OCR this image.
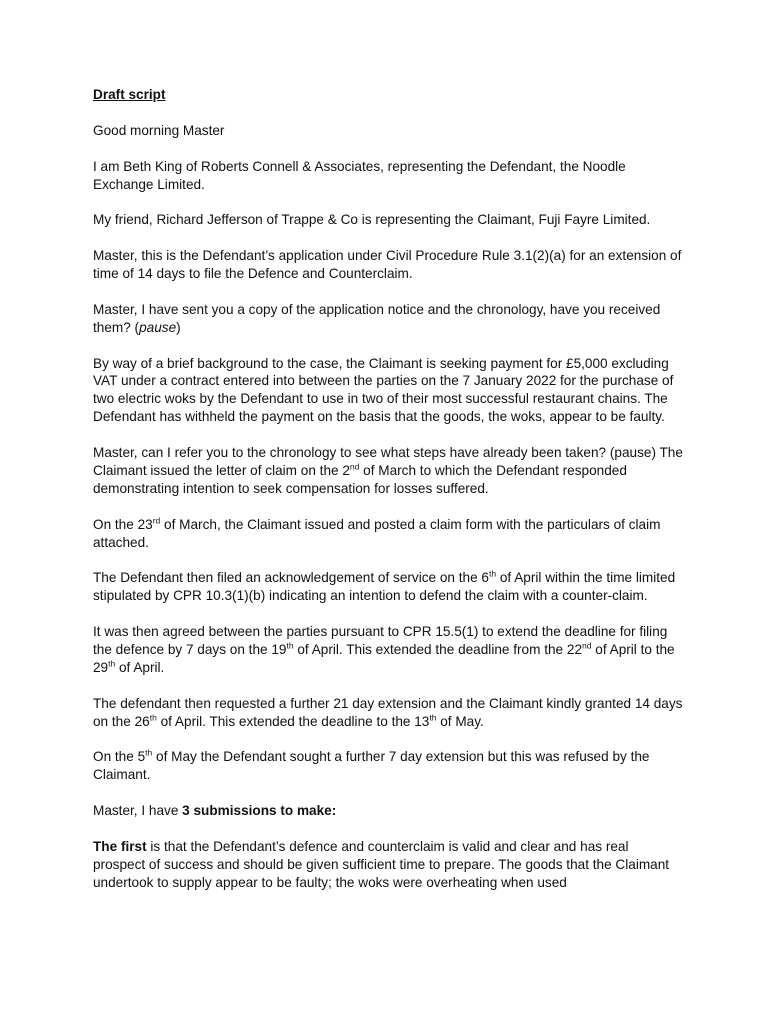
Draft script

Good morning Master

I am Beth King of Roberts Connell & Associates, representing the Defendant, the Noodle Exchange Limited.

My friend, Richard Jefferson of Trappe & Co is representing the Claimant, Fuji Fayre Limited.

Master, this is the Defendant’s application under Civil Procedure Rule 3.1(2)(a) for an extension of time of 14 days to file the Defence and Counterclaim.

Master, I have sent you a copy of the application notice and the chronology, have you received them? (pause)

By way of a brief background to the case, the Claimant is seeking payment for £5,000 excluding VAT under a contract entered into between the parties on the 7 January 2022 for the purchase of two electric woks by the Defendant to use in two of their most successful restaurant chains. The Defendant has withheld the payment on the basis that the goods, the woks, appear to be faulty.

Master, can I refer you to the chronology to see what steps have already been taken? (pause) The Claimant issued the letter of claim on the 2nd of March to which the Defendant responded demonstrating intention to seek compensation for losses suffered.

On the 23rd of March, the Claimant issued and posted a claim form with the particulars of claim attached.

The Defendant then filed an acknowledgement of service on the 6th of April within the time limited stipulated by CPR 10.3(1)(b) indicating an intention to defend the claim with a counter-claim.

It was then agreed between the parties pursuant to CPR 15.5(1) to extend the deadline for filing the defence by 7 days on the 19th of April. This extended the deadline from the 22nd of April to the 29th of April.

The defendant then requested a further 21 day extension and the Claimant kindly granted 14 days on the 26th of April. This extended the deadline to the 13th of May.

On the 5th of May the Defendant sought a further 7 day extension but this was refused by the Claimant.

Master, I have 3 submissions to make:

The first is that the Defendant’s defence and counterclaim is valid and clear and has real prospect of success and should be given sufficient time to prepare. The goods that the Claimant undertook to supply appear to be faulty; the woks were overheating when used
